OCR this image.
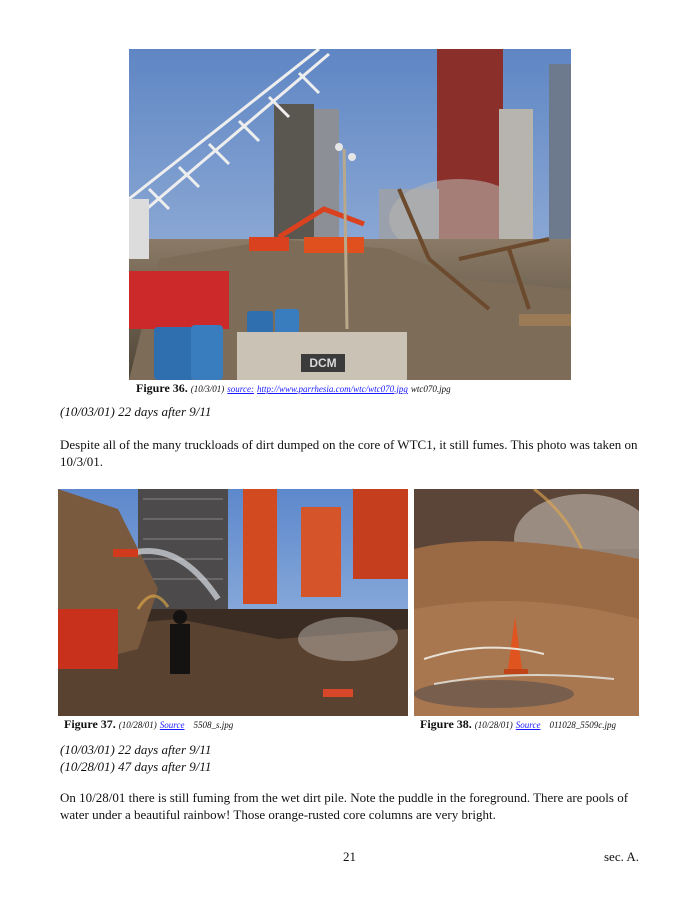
DCM
Figure 36. (10/3/01) source: http://www.parrhesia.com/wtc/wtc070.jpg wtc070.jpg
(10/03/01) 22 days after 9/11
Despite all of the many truckloads of dirt dumped on the core of WTC1, it still fumes. This photo was taken on 10/3/01.
Figure 37. (10/28/01) Source 5508_s.jpg	Figure 38. (10/28/01) Source 011028_5509c.jpg
(10/03/01) 22 days after 9/11
(10/28/01) 47 days after 9/11
On 10/28/01 there is still fuming from the wet dirt pile. Note the puddle in the foreground. There are pools of water under a beautiful rainbow! Those orange-rusted core columns are very bright.
21	sec. A.
